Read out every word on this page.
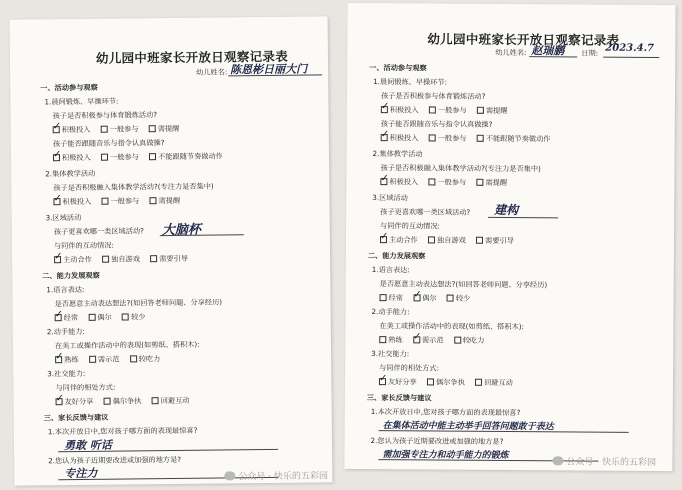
幼儿园中班家长开放日观察记录表
幼儿姓名: 陈恩彬日丽大门
一、活动参与观察
1.晨间锻炼、早操环节:
孩子是否积极参与体育锻炼活动?
✓积极投入	一般参与	需提醒
孩子能否跟随音乐与指令认真做操?
✓积极投入	一般参与	不能跟随节奏做动作
2.集体教学活动
孩子是否积极融入集体教学活动?(专注力是否集中)
✓积极投入	一般参与	需提醒
3.区域活动
孩子更喜欢哪一类区域活动? 大脑杯
与同伴的互动情况:
✓主动合作	独自游戏	需要引导
二、能力发展观察
1.语言表达:
是否愿意主动表达想法?(如回答老师问题、分享经历)
✓经常	偶尔	较少
2.动手能力:
在美工或操作活动中的表现(如剪纸、搭积木):
✓熟练	需示范	较吃力
3.社交能力:
与同伴的相处方式:
✓友好分享	偶尔争执	回避互动
三、家长反馈与建议
1.本次开放日中,您对孩子哪方面的表现最惊喜?
勇敢 听话
2.您认为孩子近期要改进或加强的地方是?
专注力	公众号 · 快乐的五彩园
幼儿园中班家长开放日观察记录表
幼儿姓名: 赵瑞鹏 日期: 2023.4.7
一、活动参与观察
1.晨间锻炼、早操环节:
孩子是否积极参与体育锻炼活动?
✓积极投入	一般参与	需提醒
孩子能否跟随音乐与指令认真做操?
✓积极投入	一般参与	不能跟随节奏做动作
2.集体教学活动
孩子是否积极融入集体教学活动?(专注力是否集中)
✓积极投入	一般参与	需提醒
3.区域活动
孩子更喜欢哪一类区域活动? 建构
与同伴的互动情况:
✓主动合作	独自游戏	需要引导
二、能力发展观察
1.语言表达:
是否愿意主动表达想法?(如回答老师问题、分享经历)
经常 ✓	偶尔	较少
2.动手能力:
在美工或操作活动中的表现(如剪纸、搭积木):
熟练 ✓	需示范	较吃力
3.社交能力:
与同伴的相处方式:
✓友好分享	偶尔争执	回避互动
三、家长反馈与建议
1.本次开放日中,您对孩子哪方面的表现最惊喜?
在集体活动中能主动举手回答问题敢于表达
2.您认为孩子近期要改进或加强的地方是?
需加强专注力和动手能力的锻炼
公众号 · 快乐的五彩园
